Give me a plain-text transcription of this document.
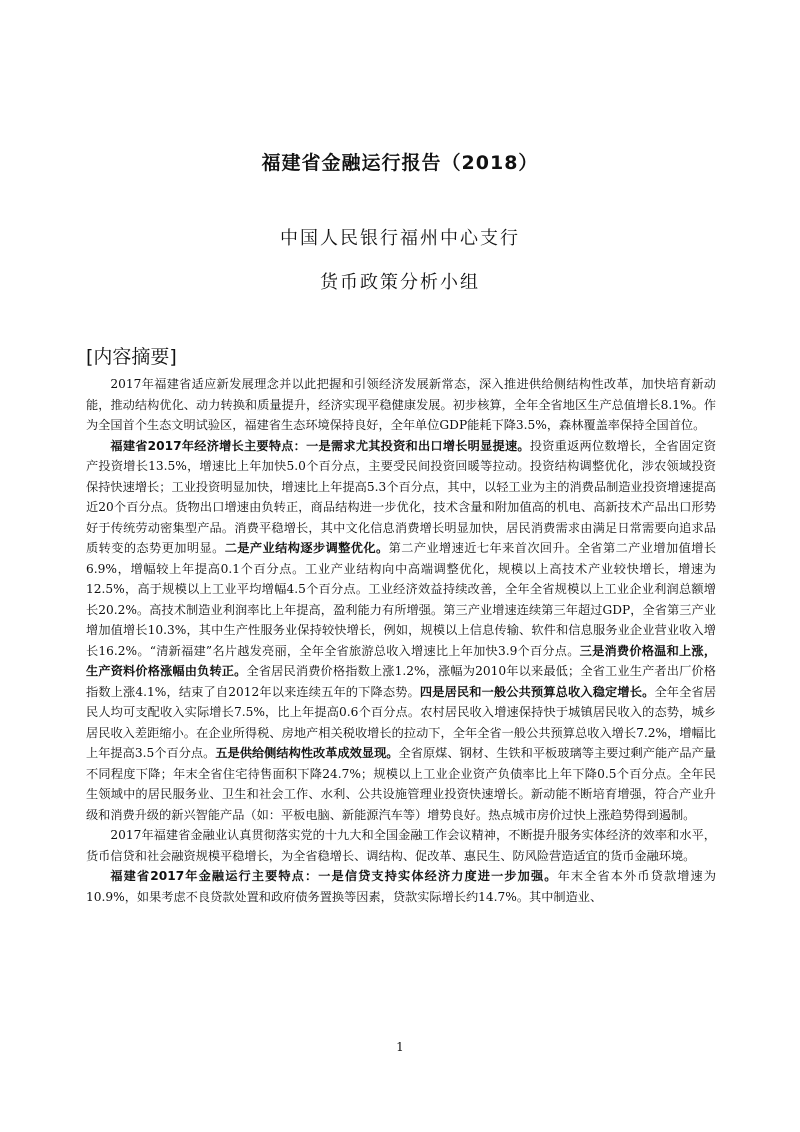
福建省金融运行报告（2018）
中国人民银行福州中心支行
货币政策分析小组
[内容摘要]

2017年福建省适应新发展理念并以此把握和引领经济发展新常态，深入推进供给侧结构性改革，加快培育新动能，推动结构优化、动力转换和质量提升，经济实现平稳健康发展。初步核算，全年全省地区生产总值增长8.1%。作为全国首个生态文明试验区，福建省生态环境保持良好，全年单位GDP能耗下降3.5%，森林覆盖率保持全国首位。

福建省2017年经济增长主要特点：一是需求尤其投资和出口增长明显提速。投资重返两位数增长，全省固定资产投资增长13.5%，增速比上年加快5.0个百分点，主要受民间投资回暖等拉动。投资结构调整优化，涉农领域投资保持快速增长；工业投资明显加快，增速比上年提高5.3个百分点，其中，以轻工业为主的消费品制造业投资增速提高近20个百分点。货物出口增速由负转正，商品结构进一步优化，技术含量和附加值高的机电、高新技术产品出口形势好于传统劳动密集型产品。消费平稳增长，其中文化信息消费增长明显加快，居民消费需求由满足日常需要向追求品质转变的态势更加明显。二是产业结构逐步调整优化。第二产业增速近七年来首次回升。全省第二产业增加值增长6.9%，增幅较上年提高0.1个百分点。工业产业结构向中高端调整优化，规模以上高技术产业较快增长，增速为12.5%，高于规模以上工业平均增幅4.5个百分点。工业经济效益持续改善，全年全省规模以上工业企业利润总额增长20.2%。高技术制造业利润率比上年提高，盈利能力有所增强。第三产业增速连续第三年超过GDP，全省第三产业增加值增长10.3%，其中生产性服务业保持较快增长，例如，规模以上信息传输、软件和信息服务业企业营业收入增长16.2%。“清新福建”名片越发亮丽，全年全省旅游总收入增速比上年加快3.9个百分点。三是消费价格温和上涨，生产资料价格涨幅由负转正。全省居民消费价格指数上涨1.2%，涨幅为2010年以来最低；全省工业生产者出厂价格指数上涨4.1%，结束了自2012年以来连续五年的下降态势。四是居民和一般公共预算总收入稳定增长。全年全省居民人均可支配收入实际增长7.5%，比上年提高0.6个百分点。农村居民收入增速保持快于城镇居民收入的态势，城乡居民收入差距缩小。在企业所得税、房地产相关税收增长的拉动下，全年全省一般公共预算总收入增长7.2%，增幅比上年提高3.5个百分点。五是供给侧结构性改革成效显现。全省原煤、钢材、生铁和平板玻璃等主要过剩产能产品产量不同程度下降；年末全省住宅待售面积下降24.7%；规模以上工业企业资产负债率比上年下降0.5个百分点。全年民生领域中的居民服务业、卫生和社会工作、水利、公共设施管理业投资快速增长。新动能不断培育增强，符合产业升级和消费升级的新兴智能产品（如：平板电脑、新能源汽车等）增势良好。热点城市房价过快上涨趋势得到遏制。

2017年福建省金融业认真贯彻落实党的十九大和全国金融工作会议精神，不断提升服务实体经济的效率和水平，货币信贷和社会融资规模平稳增长，为全省稳增长、调结构、促改革、惠民生、防风险营造适宜的货币金融环境。

福建省2017年金融运行主要特点：一是信贷支持实体经济力度进一步加强。年末全省本外币贷款增速为10.9%，如果考虑不良贷款处置和政府债务置换等因素，贷款实际增长约14.7%。其中制造业、

1
